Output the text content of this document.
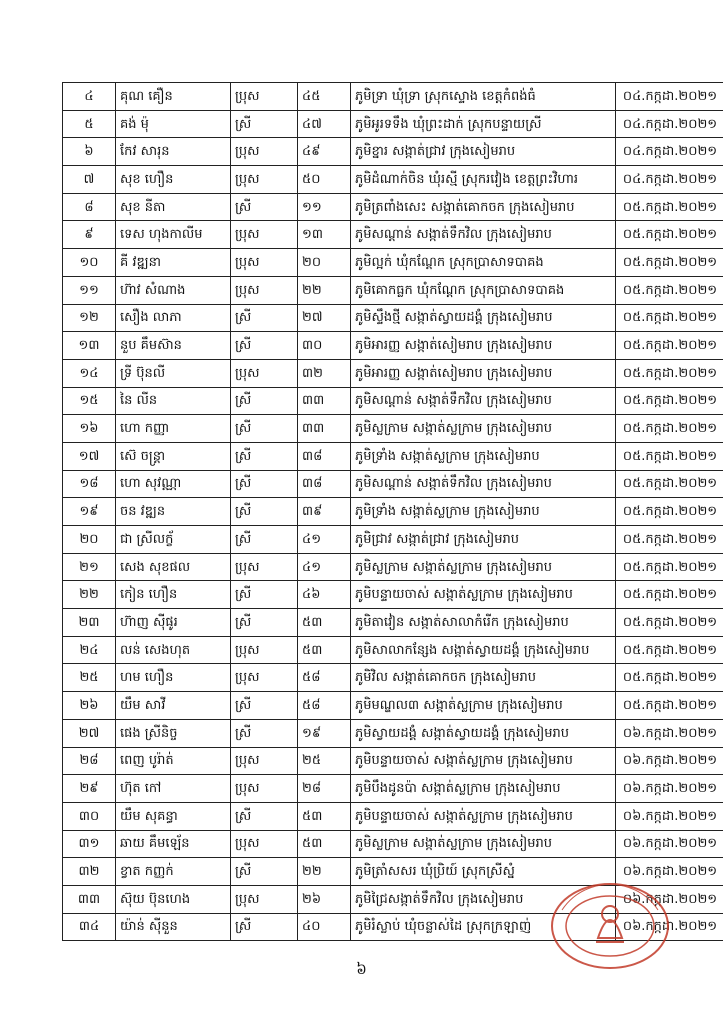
៤	គុណ គឿន	ប្រុស	៤៥	ភូមិទ្រា ឃុំទ្រា ស្រុកស្ទោង ខេត្តកំពង់ធំ	០៤.កក្កដា.២០២១
៥	គង់ ម៉ុ	ស្រី	៤៧	ភូមិអូរទទឹង ឃុំព្រះដាក់ ស្រុកបន្ទាយស្រី	០៤.កក្កដា.២០២១
៦	កែវ សារុន	ប្រុស	៤៩	ភូមិខ្នារ សង្កាត់ជ្រាវ ក្រុងសៀមរាប	០៤.កក្កដា.២០២១
៧	សុខ ហឿន	ប្រុស	៥០	ភូមិដំណាក់ចិន ឃុំរស្មី ស្រុករវៀង ខេត្តព្រះវិហារ	០៤.កក្កដា.២០២១
៨	សុខ នីតា	ស្រី	១១	ភូមិត្រពាំងសេះ សង្កាត់គោកចក ក្រុងសៀមរាប	០៥.កក្កដា.២០២១
៩	ទេស ហុងកាលីម	ប្រុស	១៣	ភូមិសណ្តាន់ សង្កាត់ទឹកវិល ក្រុងសៀមរាប	០៥.កក្កដា.២០២១
១០	គី វឌ្ឍនា	ប្រុស	២០	ភូមិល្អក់ ឃុំកណ្តែក ស្រុកប្រាសាទបាគង	០៥.កក្កដា.២០២១
១១	ហ៊ាវ សំណាង	ប្រុស	២២	ភូមិគោកធ្លក ឃុំកណ្តែក ស្រុកប្រាសាទបាគង	០៥.កក្កដា.២០២១
១២	សឿង លាភា	ស្រី	២៧	ភូមិស្ទឹងថ្មី សង្កាត់ស្វាយដង្គំ ក្រុងសៀមរាប	០៥.កក្កដា.២០២១
១៣	នួប គឹមស៊ាន	ស្រី	៣០	ភូមិអារញ្ញ សង្កាត់សៀមរាប ក្រុងសៀមរាប	០៥.កក្កដា.២០២១
១៤	ទ្រី ប៊ុនលី	ប្រុស	៣២	ភូមិអារញ្ញ សង្កាត់សៀមរាប ក្រុងសៀមរាប	០៥.កក្កដា.២០២១
១៥	នៃ លីន	ស្រី	៣៣	ភូមិសណ្តាន់ សង្កាត់ទឹកវិល ក្រុងសៀមរាប	០៥.កក្កដា.២០២១
១៦	ហោ កញ្ញា	ស្រី	៣៣	ភូមិស្លក្រាម សង្កាត់ស្លក្រាម ក្រុងសៀមរាប	០៥.កក្កដា.២០២១
១៧	ស៊េ ចន្ត្រា	ស្រី	៣៨	ភូមិទ្រាំង សង្កាត់ស្លក្រាម ក្រុងសៀមរាប	០៥.កក្កដា.២០២១
១៨	ហោ សុវណ្ណា	ស្រី	៣៨	ភូមិសណ្តាន់ សង្កាត់ទឹកវិល ក្រុងសៀមរាប	០៥.កក្កដា.២០២១
១៩	ចន វឌ្ឍន	ស្រី	៣៩	ភូមិទ្រាំង សង្កាត់ស្លក្រាម ក្រុងសៀមរាប	០៥.កក្កដា.២០២១
២០	ជា ស្រីលក្ខ័	ស្រី	៤១	ភូមិជ្រាវ សង្កាត់ជ្រាវ ក្រុងសៀមរាប	០៥.កក្កដា.២០២១
២១	សេង សុខផល	ប្រុស	៤១	ភូមិស្លក្រាម សង្កាត់ស្លក្រាម ក្រុងសៀមរាប	០៥.កក្កដា.២០២១
២២	កៀន ហឿន	ស្រី	៤៦	ភូមិបន្ទាយចាស់ សង្កាត់ស្លក្រាម ក្រុងសៀមរាប	០៥.កក្កដា.២០២១
២៣	ហ៊ាញ ស៊ីផូរ	ស្រី	៥៣	ភូមិតាវៀន សង្កាត់សាលាកំរើក ក្រុងសៀមរាប	០៥.កក្កដា.២០២១
២៤	លន់ សេងហុត	ប្រុស	៥៣	ភូមិសាលាកន្សែង សង្កាត់ស្វាយដង្គំ ក្រុងសៀមរាប	០៥.កក្កដា.២០២១
២៥	ហម ហឿន	ប្រុស	៥៨	ភូមិវិល សង្កាត់គោកចក ក្រុងសៀមរាប	០៥.កក្កដា.២០២១
២៦	យឹម សាវី	ស្រី	៥៨	ភូមិមណ្ឌល៣ សង្កាត់ស្លក្រាម ក្រុងសៀមរាប	០៥.កក្កដា.២០២១
២៧	ផេង ស្រីនិច្ច	ស្រី	១៩	ភូមិស្វាយដង្គំ សង្កាត់ស្វាយដង្គំ ក្រុងសៀមរាប	០៦.កក្កដា.២០២១
២៨	ពេញ បូរ៉ាត់	ប្រុស	២៥	ភូមិបន្ទាយចាស់ សង្កាត់ស្លក្រាម ក្រុងសៀមរាប	០៦.កក្កដា.២០២១
២៩	ហ៊ុត កៅ	ប្រុស	២៨	ភូមិបឹងដូនប៉ា សង្កាត់ស្លក្រាម ក្រុងសៀមរាប	០៦.កក្កដា.២០២១
៣០	យឹម សុគន្ធា	ស្រី	៥៣	ភូមិបន្ទាយចាស់ សង្កាត់ស្លក្រាម ក្រុងសៀមរាប	០៦.កក្កដា.២០២១
៣១	ឆាយ គឹមឡេ័ន	ប្រុស	៥៣	ភូមិស្លក្រាម សង្កាត់ស្លក្រាម ក្រុងសៀមរាប	០៦.កក្កដា.២០២១
៣២	ខ្វាត កញ្ញក់	ស្រី	២២	ភូមិត្រាំសសរ ឃុំប្រិយ៍ ស្រុកស្រីស្នំ	០៦.កក្កដា.២០២១
៣៣	ស៊ុយ ប៊ុនហេង	ប្រុស	២៦	ភូមិជ្រៃសង្កាត់ទឹកវិល ក្រុងសៀមរាប	០៦.កក្កដា.២០២១
៣៤	យ៉ាន់ ស៊ីនួន	ស្រី	៤០	ភូមិរំស្លាប់ ឃុំចន្លាស់ដៃ ស្រុកក្រឡាញ់	០៦.កក្កដា.២០២១
៦
